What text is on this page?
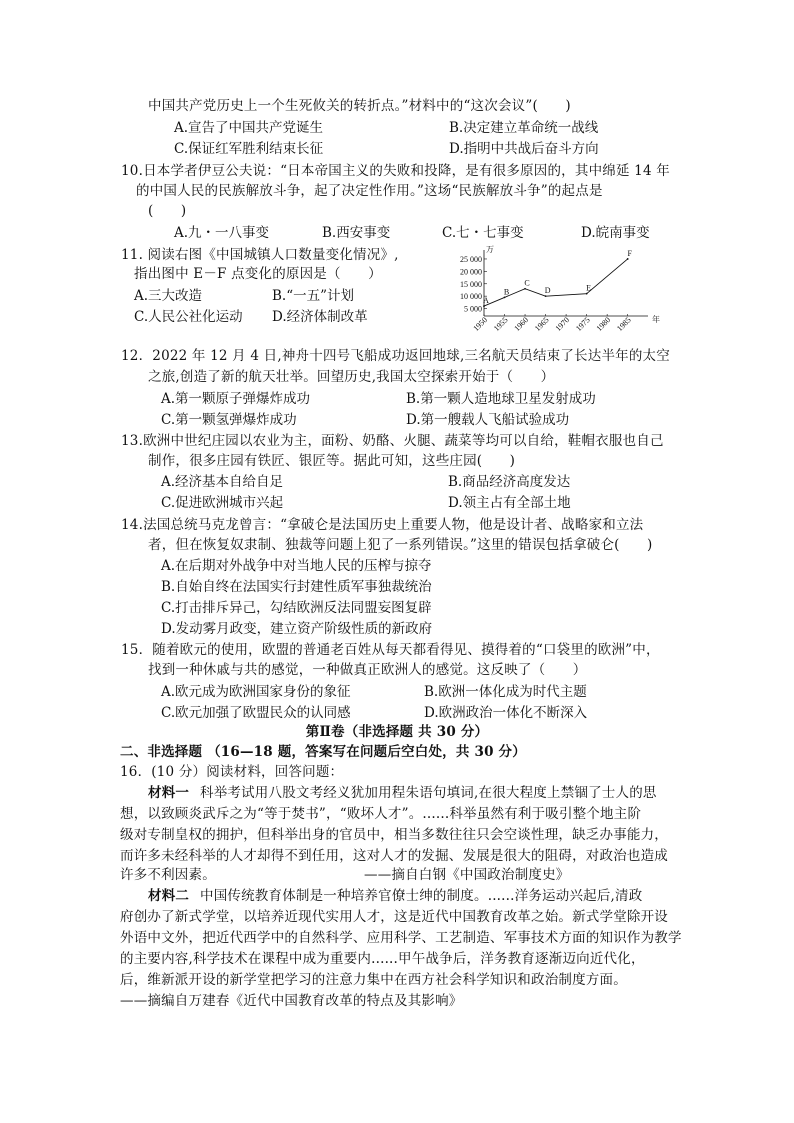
中国共产党历史上一个生死攸关的转折点。”材料中的“这次会议”(　　)
A.宣告了中国共产党诞生	B.决定建立革命统一战线
C.保证红军胜利结束长征	D.指明中共战后奋斗方向
10.日本学者伊豆公夫说：“日本帝国主义的失败和投降，是有很多原因的，其中绵延 14 年
的中国人民的民族解放斗争，起了决定性作用。”这场“民族解放斗争”的起点是
(　　)
A.九・一八事变	B.西安事变	C.七・七事变	D.皖南事变
11. 阅读右图《中国城镇人口数量变化情况》,
指出图中 E－F 点变化的原因是（　　）
A.三大改造	B.“一五”计划
C.人民公社化运动 D.经济体制改革	5 000
10 000
15 000
20 000
25 000
万
1950 1955 1960 1965 1970 1975 1980 1985 年
A
B
C
D	E
F
12．2022 年 12 月 4 日,神舟十四号飞船成功返回地球,三名航天员结束了长达半年的太空
之旅,创造了新的航天壮举。回望历史,我国太空探索开始于（　　）
A.第一颗原子弹爆炸成功	B.第一颗人造地球卫星发射成功
C.第一颗氢弹爆炸成功	D.第一艘载人飞船试验成功
13.欧洲中世纪庄园以农业为主，面粉、奶酪、火腿、蔬菜等均可以自给，鞋帽衣服也自己
制作，很多庄园有铁匠、银匠等。据此可知，这些庄园(　　)
A.经济基本自给自足	B.商品经济高度发达
C.促进欧洲城市兴起	D.领主占有全部土地
14.法国总统马克龙曾言：“拿破仑是法国历史上重要人物，他是设计者、战略家和立法
者，但在恢复奴隶制、独裁等问题上犯了一系列错误。”这里的错误包括拿破仑(　　)
A.在后期对外战争中对当地人民的压榨与掠夺
B.自始自终在法国实行封建性质军事独裁统治
C.打击排斥异己，勾结欧洲反法同盟妄图复辟
D.发动雾月政变，建立资产阶级性质的新政府
15．随着欧元的使用，欧盟的普通老百姓从每天都看得见、摸得着的“口袋里的欧洲”中，
找到一种休戚与共的感觉，一种做真正欧洲人的感觉。这反映了（　　）
A.欧元成为欧洲国家身份的象征	B.欧洲一体化成为时代主题
C.欧元加强了欧盟民众的认同感	D.欧洲政治一体化不断深入
第Ⅱ卷（非选择题 共 30 分）
二、非选择题 （16—18 题，答案写在问题后空白处，共 30 分）
16．(10 分）阅读材料，回答问题：
材料一 科举考试用八股文考经义犹加用程朱语句填词,在很大程度上禁锢了士人的思
想，以致顾炎武斥之为“等于焚书”，“败坏人才”。......科举虽然有利于吸引整个地主阶
级对专制皇权的拥护，但科举出身的官员中，相当多数往往只会空谈性理，缺乏办事能力，
而许多未经科举的人才却得不到任用，这对人才的发掘、发展是很大的阻碍，对政治也造成
许多不利因素。	——摘自白钢《中国政治制度史》
材料二 中国传统教育体制是一种培养官僚士绅的制度。......洋务运动兴起后,清政
府创办了新式学堂，以培养近现代实用人才，这是近代中国教育改革之始。新式学堂除开设
外语中文外，把近代西学中的自然科学、应用科学、工艺制造、军事技术方面的知识作为教学
的主要内容,科学技术在课程中成为重要内......甲午战争后，洋务教育逐渐迈向近代化，
后，维新派开设的新学堂把学习的注意力集中在西方社会科学知识和政治制度方面。
——摘编自万建春《近代中国教育改革的特点及其影响》
